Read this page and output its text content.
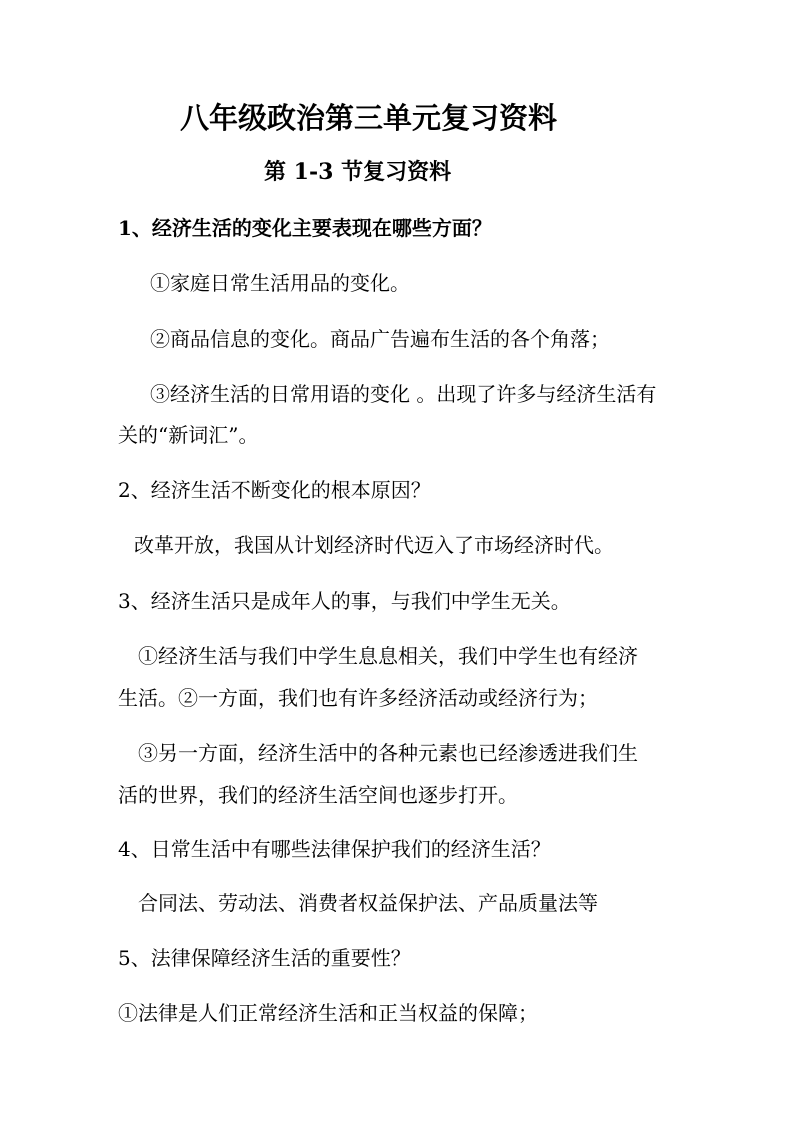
八年级政治第三单元复习资料
第 1-3 节复习资料
1、经济生活的变化主要表现在哪些方面？
①家庭日常生活用品的变化。
②商品信息的变化。商品广告遍布生活的各个角落；
③经济生活的日常用语的变化 。出现了许多与经济生活有
关的“新词汇”。
2、经济生活不断变化的根本原因？
改革开放，我国从计划经济时代迈入了市场经济时代。
3、经济生活只是成年人的事，与我们中学生无关。
①经济生活与我们中学生息息相关，我们中学生也有经济
生活。②一方面，我们也有许多经济活动或经济行为；
③另一方面，经济生活中的各种元素也已经渗透进我们生
活的世界，我们的经济生活空间也逐步打开。
4、日常生活中有哪些法律保护我们的经济生活？
合同法、劳动法、消费者权益保护法、产品质量法等
5、法律保障经济生活的重要性？
①法律是人们正常经济生活和正当权益的保障；
